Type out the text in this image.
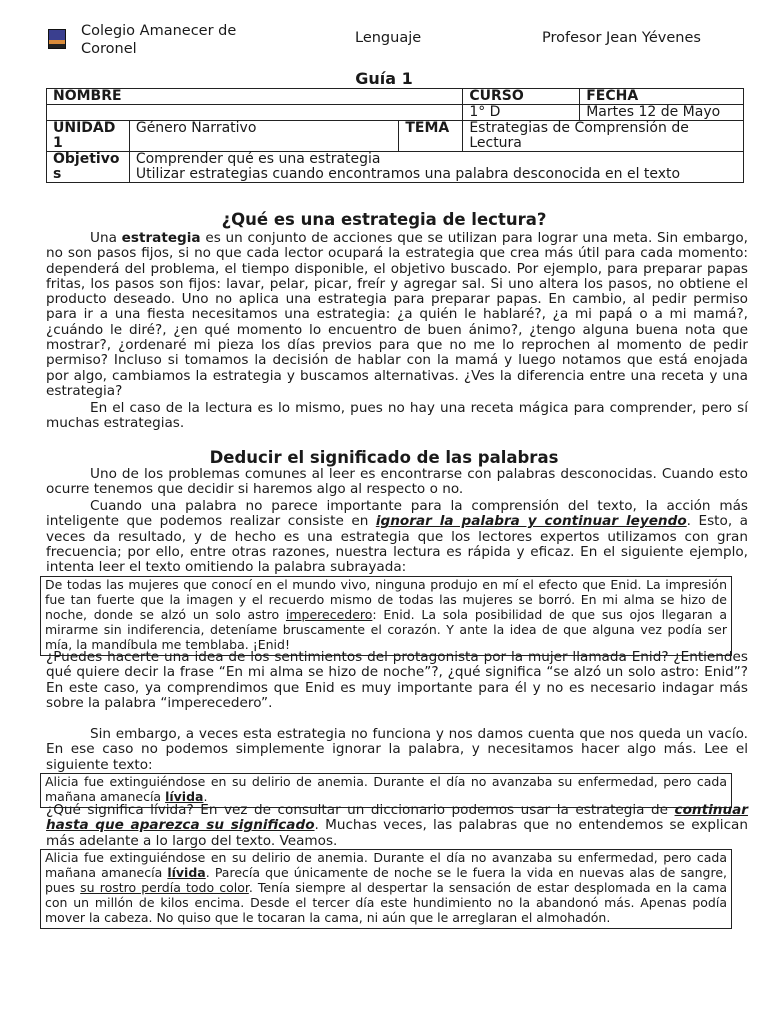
Colegio Amanecer de
Coronel
Lenguaje	Profesor Jean Yévenes
Guía 1
NOMBRE			CURSO	FECHA
			1° D	Martes 12 de Mayo
UNIDAD 1	Género Narrativo	TEMA	Estrategias de Comprensión de Lectura	
Objetivos	Comprender qué es una estrategia
Utilizar estrategias cuando encontramos una palabra desconocida en el texto			
¿Qué es una estrategia de lectura?
Una estrategia es un conjunto de acciones que se utilizan para lograr una meta. Sin embargo, no son pasos fijos, si no que cada lector ocupará la estrategia que crea más útil para cada momento: dependerá del problema, el tiempo disponible, el objetivo buscado. Por ejemplo, para preparar papas fritas, los pasos son fijos: lavar, pelar, picar, freír y agregar sal. Si uno altera los pasos, no obtiene el producto deseado. Uno no aplica una estrategia para preparar papas. En cambio, al pedir permiso para ir a una fiesta necesitamos una estrategia: ¿a quién le hablaré?, ¿a mi papá o a mi mamá?, ¿cuándo le diré?, ¿en qué momento lo encuentro de buen ánimo?, ¿tengo alguna buena nota que mostrar?, ¿ordenaré mi pieza los días previos para que no me lo reprochen al momento de pedir permiso? Incluso si tomamos la decisión de hablar con la mamá y luego notamos que está enojada por algo, cambiamos la estrategia y buscamos alternativas. ¿Ves la diferencia entre una receta y una estrategia?
En el caso de la lectura es lo mismo, pues no hay una receta mágica para comprender, pero sí muchas estrategias.
Deducir el significado de las palabras
Uno de los problemas comunes al leer es encontrarse con palabras desconocidas. Cuando esto ocurre tenemos que decidir si haremos algo al respecto o no.
Cuando una palabra no parece importante para la comprensión del texto, la acción más inteligente que podemos realizar consiste en ignorar la palabra y continuar leyendo. Esto, a veces da resultado, y de hecho es una estrategia que los lectores expertos utilizamos con gran frecuencia; por ello, entre otras razones, nuestra lectura es rápida y eficaz. En el siguiente ejemplo, intenta leer el texto omitiendo la palabra subrayada:
De todas las mujeres que conocí en el mundo vivo, ninguna produjo en mí el efecto que Enid. La impresión fue tan fuerte que la imagen y el recuerdo mismo de todas las mujeres se borró. En mi alma se hizo de noche, donde se alzó un solo astro imperecedero: Enid. La sola posibilidad de que sus ojos llegaran a mirarme sin indiferencia, deteníame bruscamente el corazón. Y ante la idea de que alguna vez podía ser mía, la mandíbula me temblaba. ¡Enid!
¿Puedes hacerte una idea de los sentimientos del protagonista por la mujer llamada Enid? ¿Entiendes qué quiere decir la frase “En mi alma se hizo de noche”?, ¿qué significa “se alzó un solo astro: Enid”? En este caso, ya comprendimos que Enid es muy importante para él y no es necesario indagar más sobre la palabra “imperecedero”.
Sin embargo, a veces esta estrategia no funciona y nos damos cuenta que nos queda un vacío. En ese caso no podemos simplemente ignorar la palabra, y necesitamos hacer algo más. Lee el siguiente texto:
Alicia fue extinguiéndose en su delirio de anemia. Durante el día no avanzaba su enfermedad, pero cada mañana amanecía lívida.
¿Qué significa lívida? En vez de consultar un diccionario podemos usar la estrategia de continuar hasta que aparezca su significado. Muchas veces, las palabras que no entendemos se explican más adelante a lo largo del texto. Veamos.
Alicia fue extinguiéndose en su delirio de anemia. Durante el día no avanzaba su enfermedad, pero cada mañana amanecía lívida. Parecía que únicamente de noche se le fuera la vida en nuevas alas de sangre, pues su rostro perdía todo color. Tenía siempre al despertar la sensación de estar desplomada en la cama con un millón de kilos encima. Desde el tercer día este hundimiento no la abandonó más. Apenas podía mover la cabeza. No quiso que le tocaran la cama, ni aún que le arreglaran el almohadón.
